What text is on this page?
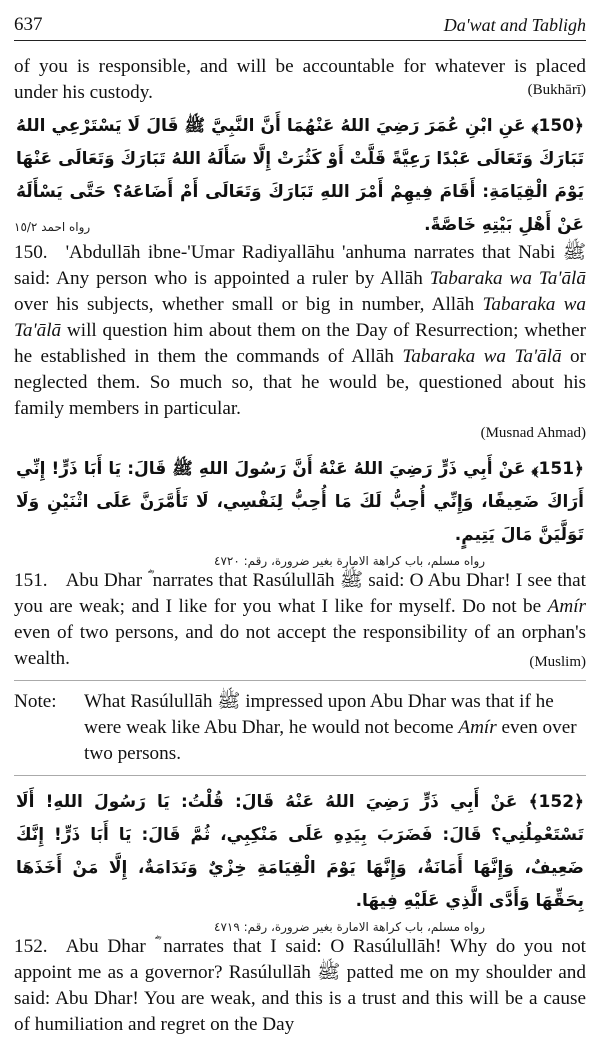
637	Da'wat and Tabligh

of you is responsible, and will be accountable for whatever is placed under his custody.	(Bukhārī)
﴿150﴾ عَنِ ابْنِ عُمَرَ رَضِيَ اللهُ عَنْهُمَا أَنَّ النَّبِيَّ ﷺ قَالَ لَا يَسْتَرْعِي اللهُ تَبَارَكَ وَتَعَالَى عَبْدًا رَعِيَّةً قَلَّتْ أَوْ كَثُرَتْ إِلَّا سَأَلَهُ اللهُ تَبَارَكَ وَتَعَالَى عَنْهَا يَوْمَ الْقِيَامَةِ: أَقَامَ فِيهِمْ أَمْرَ اللهِ تَبَارَكَ وَتَعَالَى أَمْ أَضَاعَهُ؟ حَتَّى يَسْأَلَهُ عَنْ أَهْلِ بَيْتِهِ خَاصَّةً.
رواه احمد ١٥/٢

150. 'Abdullāh ibne-'Umar Radiyallāhu 'anhuma narrates that Nabi ﷺ said: Any person who is appointed a ruler by Allāh Tabaraka wa Ta'ālā over his subjects, whether small or big in number, Allāh Tabaraka wa Ta'ālā will question him about them on the Day of Resurrection; whether he established in them the commands of Allāh Tabaraka wa Ta'ālā or neglected them. So much so, that he would be, questioned about his family members in particular.

(Musnad Ahmad)
﴿151﴾ عَنْ أَبِي ذَرٍّ رَضِيَ اللهُ عَنْهُ أَنَّ رَسُولَ اللهِ ﷺ قَالَ: يَا أَبَا ذَرٍّ! إِنِّي أَرَاكَ ضَعِيفًا، وَإِنِّي أُحِبُّ لَكَ مَا أُحِبُّ لِنَفْسِي، لَا تَأَمَّرَنَّ عَلَى اثْنَيْنِ وَلَا تَوَلَّيَنَّ مَالَ يَتِيمٍ.
رواه مسلم، باب كراهة الامارة بغير ضرورة، رقم: ٤٧٢٠

151. Abu Dhar ؓ narrates that Rasúlullāh ﷺ said: O Abu Dhar! I see that you are weak; and I like for you what I like for myself. Do not be Amír even of two persons, and do not accept the responsibility of an orphan's wealth.	(Muslim)
Note:	What Rasúlullāh ﷺ impressed upon Abu Dhar was that if he were weak like Abu Dhar, he would not become Amír even over two persons.
﴿152﴾ عَنْ أَبِي ذَرٍّ رَضِيَ اللهُ عَنْهُ قَالَ: قُلْتُ: يَا رَسُولَ اللهِ! أَلَا تَسْتَعْمِلُنِي؟ قَالَ: فَضَرَبَ بِيَدِهِ عَلَى مَنْكِبِي، ثُمَّ قَالَ: يَا أَبَا ذَرٍّ! إِنَّكَ ضَعِيفٌ، وَإِنَّهَا أَمَانَةٌ، وَإِنَّهَا يَوْمَ الْقِيَامَةِ خِزْيٌ وَنَدَامَةٌ، إِلَّا مَنْ أَخَذَهَا بِحَقِّهَا وَأَدَّى الَّذِي عَلَيْهِ فِيهَا.
رواه مسلم، باب كراهة الامارة بغير ضرورة، رقم: ٤٧١٩

152. Abu Dhar ؓ narrates that I said: O Rasúlullāh! Why do you not appoint me as a governor? Rasúlullāh ﷺ patted me on my shoulder and said: Abu Dhar! You are weak, and this is a trust and this will be a cause of humiliation and regret on the Day
